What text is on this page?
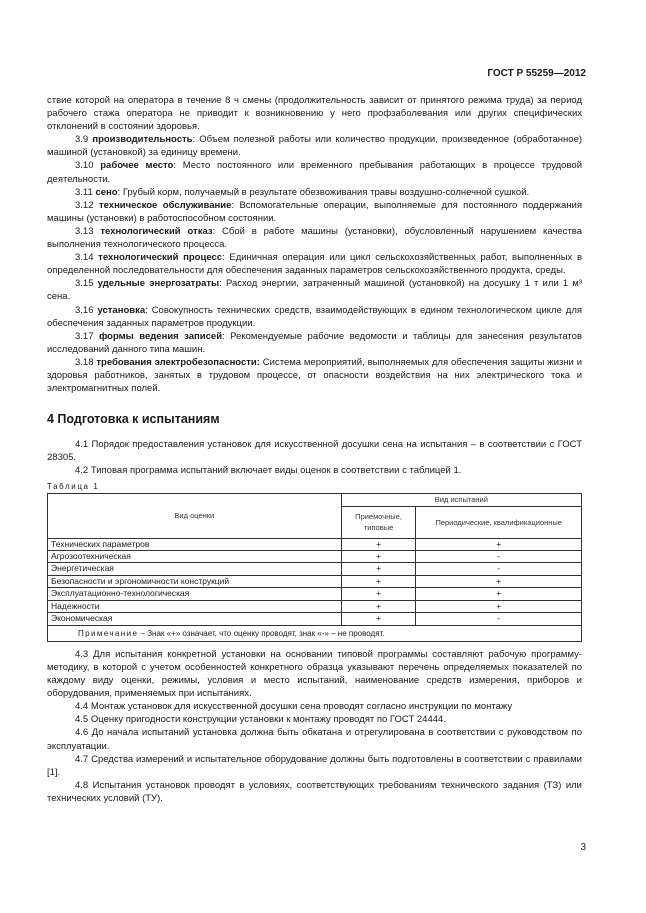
ГОСТ Р 55259—2012

ствие которой на оператора в течение 8 ч смены (продолжительность зависит от принятого режима труда) за период рабочего стажа оператора не приводит к возникновению у него профзаболевания или других специфических отклонений в состоянии здоровья.

3.9 производительность: Объем полезной работы или количество продукции, произведенное (обработанное) машиной (установкой) за единицу времени.

3.10 рабочее место: Место постоянного или временного пребывания работающих в процессе трудовой деятельности.

3.11 сено: Грубый корм, получаемый в результате обезвоживания травы воздушно-солнечной сушкой.

3.12 техническое обслуживание: Вспомогательные операции, выполняемые для постоянного поддержания машины (установки) в работоспособном состоянии.

3.13 технологический отказ: Сбой в работе машины (установки), обусловленный нарушением качества выполнения технологического процесса.

3.14 технологический процесс: Единичная операция или цикл сельскохозяйственных работ, выполненных в определенной последовательности для обеспечения заданных параметров сельскохозяйственного продукта, среды.

3.15 удельные энергозатраты: Расход энергии, затраченный машиной (установкой) на досушку 1 т или 1 м³ сена.

3.16 установка: Совокупность технических средств, взаимодействующих в едином технологическом цикле для обеспечения заданных параметров продукции.

3.17 формы ведения записей: Рекомендуемые рабочие ведомости и таблицы для занесения результатов исследований данного типа машин.

3.18 требования электробезопасности: Система мероприятий, выполняемых для обеспечения защиты жизни и здоровья работников, занятых в трудовом процессе, от опасности воздействия на них электрического тока и электромагнитных полей.

4 Подготовка к испытаниям

4.1 Порядок предоставления установок для искусственной досушки сена на испытания – в соответствии с ГОСТ 28305.

4.2 Типовая программа испытаний включает виды оценок в соответствии с таблицей 1.

Таблица 1
Вид оценки	Вид испытаний	
	Приемочные, типовые	Периодические, квалификационные
Технических параметров	+	+
Агрозоотехническая	+	-
Энергетическая	+	-
Безопасности и эргономичности конструкций	+	+
Эксплуатационно-технологическая	+	+
Надежности	+	+
Экономическая	+	-
Примечание – Знак «+» означает, что оценку проводят, знак «-» – не проводят.		

4.3 Для испытания конкретной установки на основании типовой программы составляют рабочую программу-методику, в которой с учетом особенностей конкретного образца указывают перечень определяемых показателей по каждому виду оценки, режимы, условия и место испытаний, наименование средств измерения, приборов и оборудования, применяемых при испытаниях.

4.4 Монтаж установок для искусственной досушки сена проводят согласно инструкции по монтажу

4.5 Оценку пригодности конструкции установки к монтажу проводят по ГОСТ 24444.

4.6 До начала испытаний установка должна быть обкатана и отрегулирована в соответствии с руководством по эксплуатации.

4.7 Средства измерений и испытательное оборудование должны быть подготовлены в соответствии с правилами [1].

4.8 Испытания установок проводят в условиях, соответствующих требованиям технического задания (ТЗ) или технических условий (ТУ).

3
